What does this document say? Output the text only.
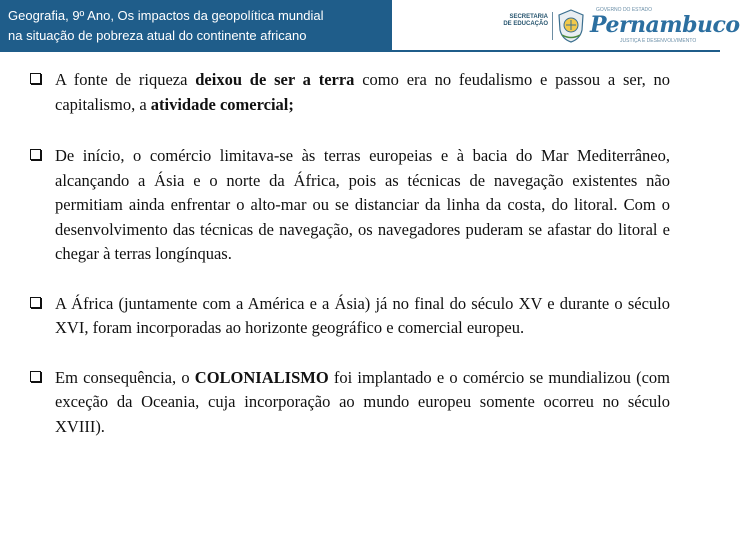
Geografia, 9º Ano, Os impactos da geopolítica mundial
na situação de pobreza atual do continente africano
SECRETARIA
DE EDUCAÇÃO
GOVERNO DO ESTADO
Pernambuco
JUSTIÇA E DESENVOLVIMENTO
A fonte de riqueza deixou de ser a terra como era no feudalismo e passou a ser, no capitalismo, a atividade comercial;
De início, o comércio limitava-se às terras europeias e à bacia do Mar Mediterrâneo, alcançando a Ásia e o norte da África, pois as técnicas de navegação existentes não permitiam ainda enfrentar o alto-mar ou se distanciar da linha da costa, do litoral. Com o desenvolvimento das técnicas de navegação, os navegadores puderam se afastar do litoral e chegar à terras longínquas.
A África (juntamente com a América e a Ásia) já no final do século XV e durante o século XVI, foram incorporadas ao horizonte geográfico e comercial europeu.
Em consequência, o COLONIALISMO foi implantado e o comércio se mundializou (com exceção da Oceania, cuja incorporação ao mundo europeu somente ocorreu no século XVIII).
